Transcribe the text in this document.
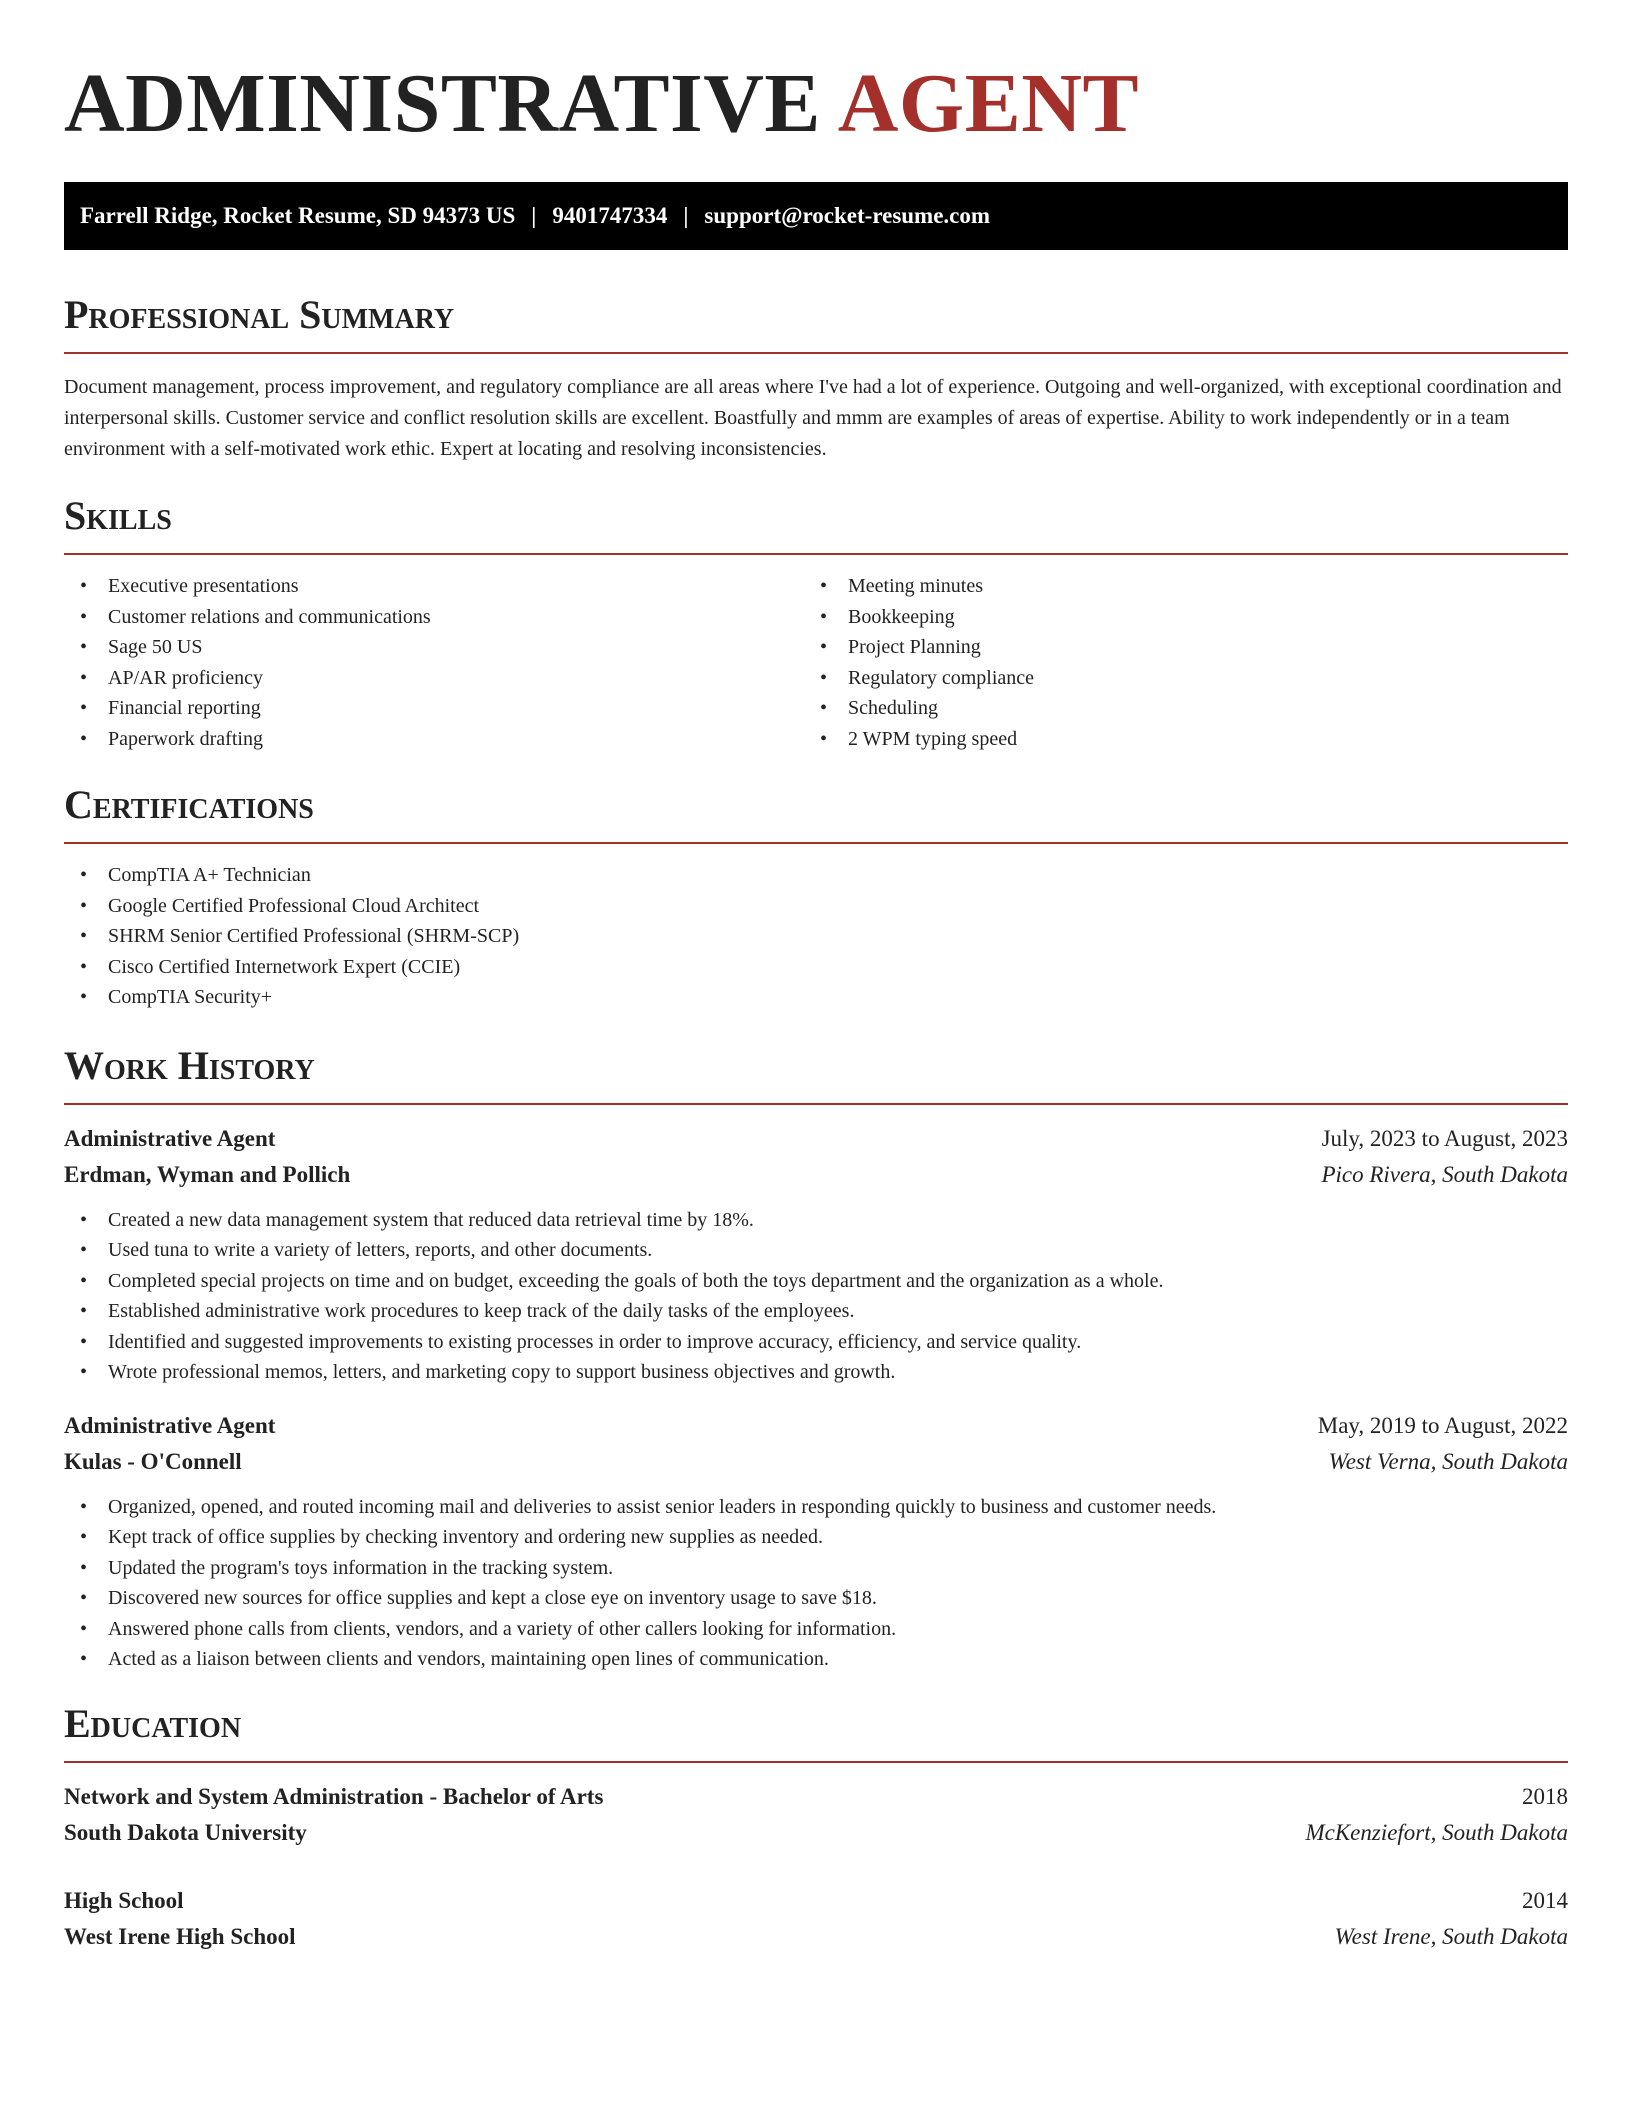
ADMINISTRATIVE AGENT
Farrell Ridge, Rocket Resume, SD 94373 US | 9401747334 | support@rocket-resume.com
Professional Summary

Document management, process improvement, and regulatory compliance are all areas where I've had a lot of experience. Outgoing and well-organized, with exceptional coordination and interpersonal skills. Customer service and conflict resolution skills are excellent. Boastfully and mmm are examples of areas of expertise. Ability to work independently or in a team environment with a self-motivated work ethic. Expert at locating and resolving inconsistencies.

Skills
• Executive presentations
• Customer relations and communications
• Sage 50 US
• AP/AR proficiency
• Financial reporting
• Paperwork drafting
• Meeting minutes
• Bookkeeping
• Project Planning
• Regulatory compliance
• Scheduling
• 2 WPM typing speed
Certifications
• CompTIA A+ Technician
• Google Certified Professional Cloud Architect
• SHRM Senior Certified Professional (SHRM-SCP)
• Cisco Certified Internetwork Expert (CCIE)
• CompTIA Security+
Work History
Administrative Agent	July, 2023 to August, 2023
Erdman, Wyman and Pollich	Pico Rivera, South Dakota
• Created a new data management system that reduced data retrieval time by 18%.
• Used tuna to write a variety of letters, reports, and other documents.
• Completed special projects on time and on budget, exceeding the goals of both the toys department and the organization as a whole.
• Established administrative work procedures to keep track of the daily tasks of the employees.
• Identified and suggested improvements to existing processes in order to improve accuracy, efficiency, and service quality.
• Wrote professional memos, letters, and marketing copy to support business objectives and growth.
Administrative Agent	May, 2019 to August, 2022
Kulas - O'Connell	West Verna, South Dakota
• Organized, opened, and routed incoming mail and deliveries to assist senior leaders in responding quickly to business and customer needs.
• Kept track of office supplies by checking inventory and ordering new supplies as needed.
• Updated the program's toys information in the tracking system.
• Discovered new sources for office supplies and kept a close eye on inventory usage to save $18.
• Answered phone calls from clients, vendors, and a variety of other callers looking for information.
• Acted as a liaison between clients and vendors, maintaining open lines of communication.
Education
Network and System Administration - Bachelor of Arts	2018
South Dakota University	McKenziefort, South Dakota
High School	2014
West Irene High School	West Irene, South Dakota
